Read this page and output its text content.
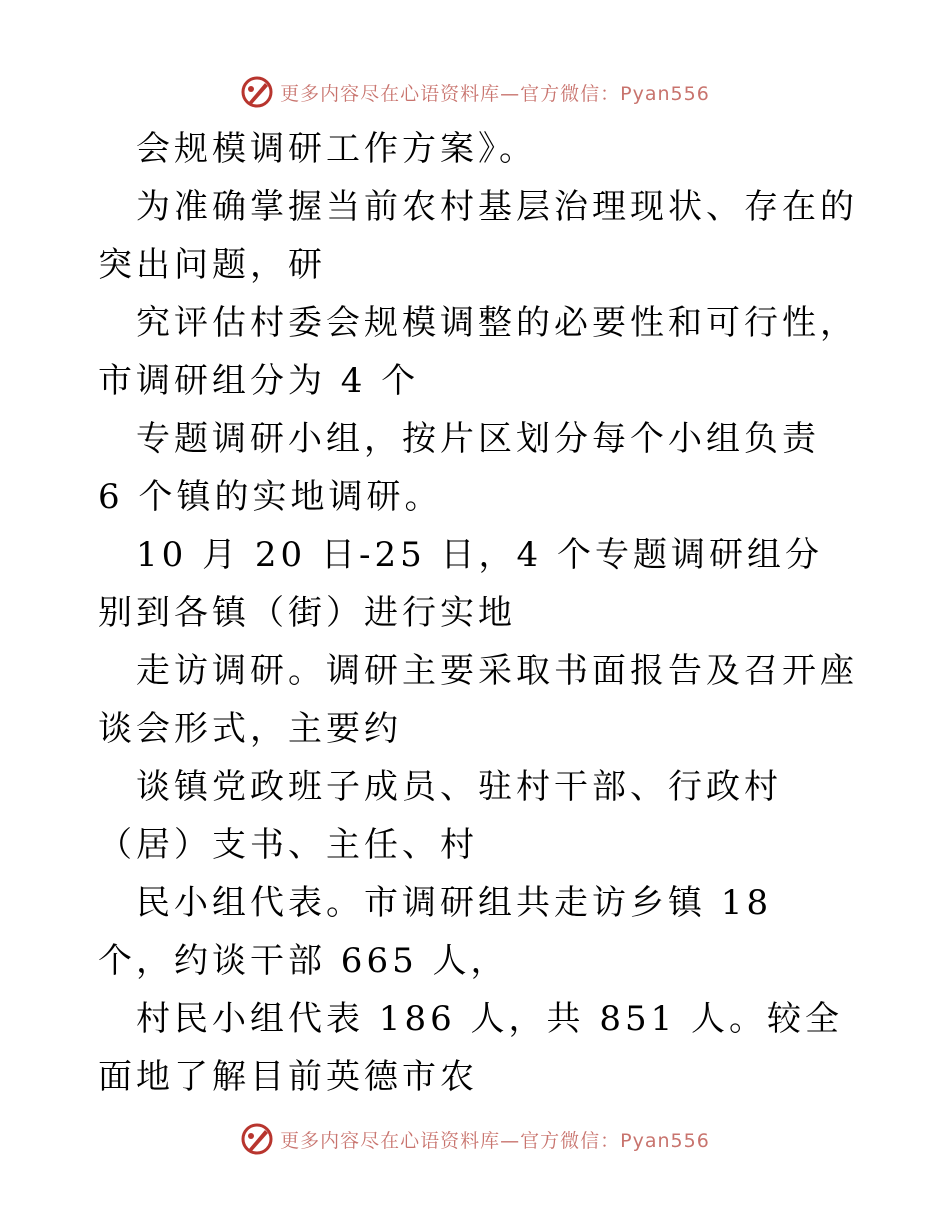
更多内容尽在心语资料库—官方微信：Pyan556

会规模调研工作方案》。

为准确掌握当前农村基层治理现状、存在的突出问题，研

究评估村委会规模调整的必要性和可行性，市调研组分为 4 个

专题调研小组，按片区划分每个小组负责 6 个镇的实地调研。

10 月 20 日-25 日，4 个专题调研组分别到各镇（街）进行实地

走访调研。调研主要采取书面报告及召开座谈会形式，主要约

谈镇党政班子成员、驻村干部、行政村（居）支书、主任、村

民小组代表。市调研组共走访乡镇 18 个，约谈干部 665 人，

村民小组代表 186 人，共 851 人。较全面地了解目前英德市农

更多内容尽在心语资料库—官方微信：Pyan556
